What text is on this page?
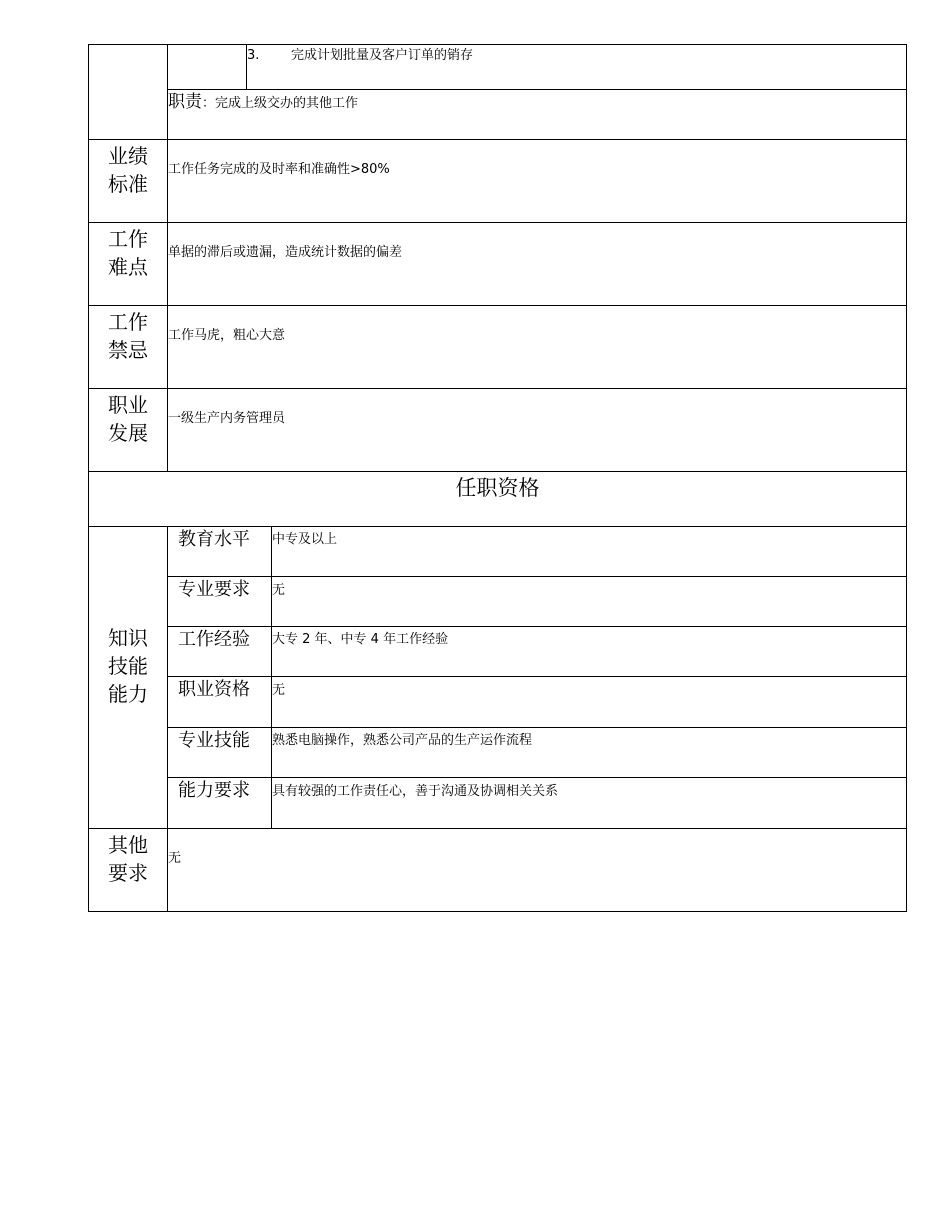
3. 完成计划批量及客户订单的销存
职责：完成上级交办的其他工作
业绩
标准
工作任务完成的及时率和准确性>80%
工作
难点
单据的滞后或遗漏，造成统计数据的偏差
工作
禁忌
工作马虎，粗心大意
职业
发展
一级生产内务管理员
任职资格
知识
技能
能力
教育水平 中专及以上
专业要求 无
工作经验 大专 2 年、中专 4 年工作经验
职业资格 无
专业技能 熟悉电脑操作，熟悉公司产品的生产运作流程
能力要求 具有较强的工作责任心，善于沟通及协调相关关系
其他
要求
无
